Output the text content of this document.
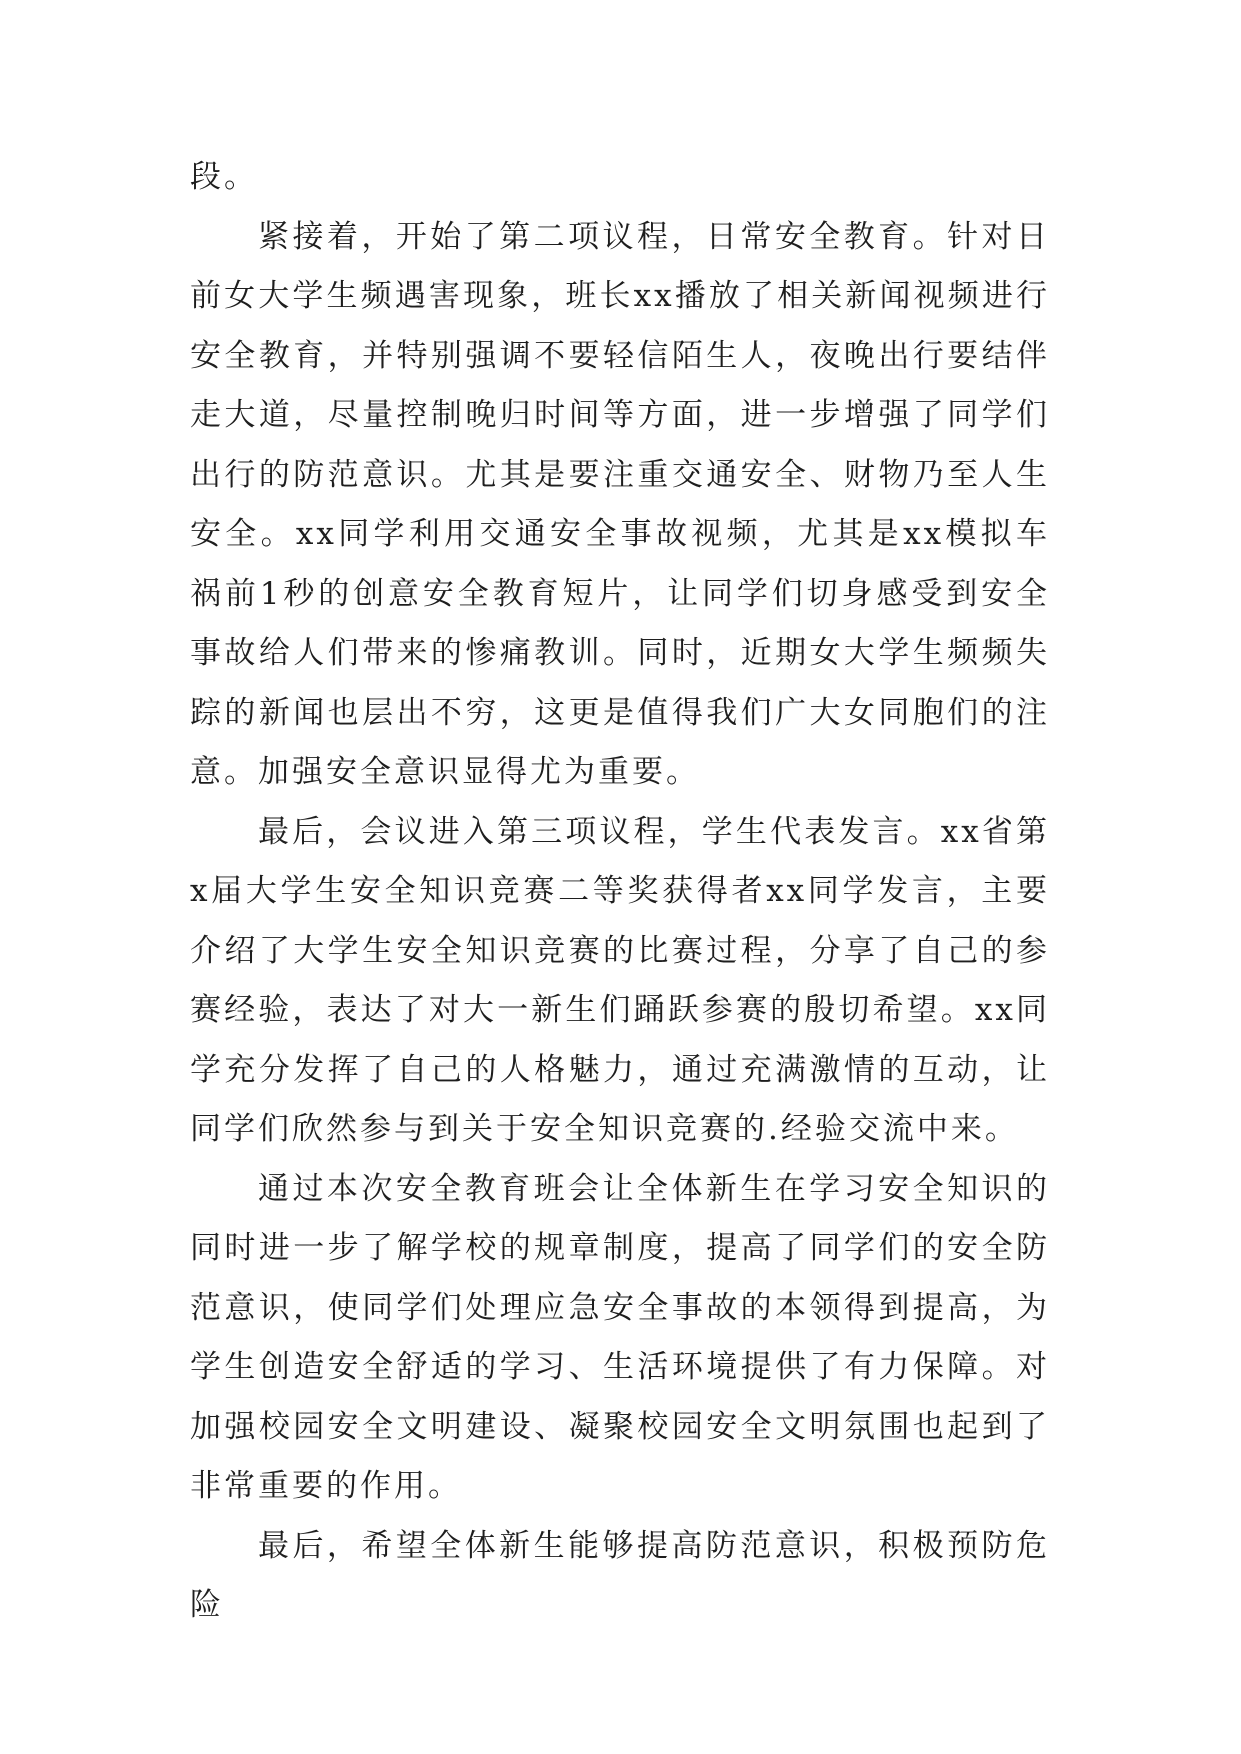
段。

紧接着，开始了第二项议程，日常安全教育。针对日前女大学生频遇害现象，班长xx播放了相关新闻视频进行安全教育，并特别强调不要轻信陌生人，夜晚出行要结伴走大道，尽量控制晚归时间等方面，进一步增强了同学们出行的防范意识。尤其是要注重交通安全、财物乃至人生安全。xx同学利用交通安全事故视频，尤其是xx模拟车祸前1秒的创意安全教育短片，让同学们切身感受到安全事故给人们带来的惨痛教训。同时，近期女大学生频频失踪的新闻也层出不穷，这更是值得我们广大女同胞们的注意。加强安全意识显得尤为重要。

最后，会议进入第三项议程，学生代表发言。xx省第x届大学生安全知识竞赛二等奖获得者xx同学发言，主要介绍了大学生安全知识竞赛的比赛过程，分享了自己的参赛经验，表达了对大一新生们踊跃参赛的殷切希望。xx同学充分发挥了自己的人格魅力，通过充满激情的互动，让同学们欣然参与到关于安全知识竞赛的.经验交流中来。

通过本次安全教育班会让全体新生在学习安全知识的同时进一步了解学校的规章制度，提高了同学们的安全防范意识，使同学们处理应急安全事故的本领得到提高，为学生创造安全舒适的学习、生活环境提供了有力保障。对加强校园安全文明建设、凝聚校园安全文明氛围也起到了非常重要的作用。

最后，希望全体新生能够提高防范意识，积极预防危险
